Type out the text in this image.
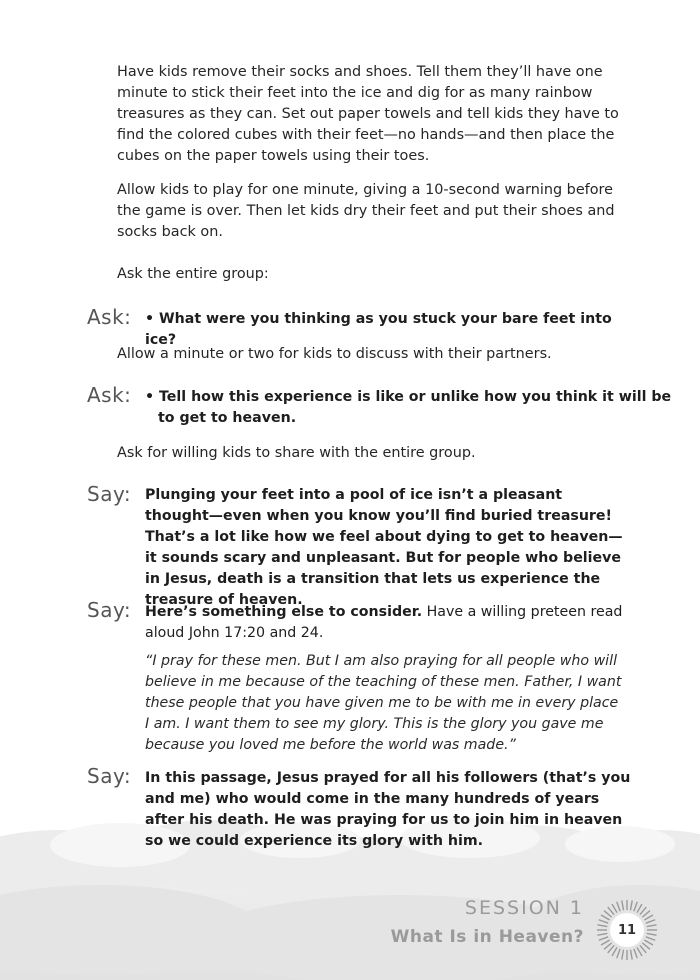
Have kids remove their socks and shoes. Tell them they’ll have one minute to stick their feet into the ice and dig for as many rainbow treasures as they can. Set out paper towels and tell kids they have to find the colored cubes with their feet—no hands—and then place the cubes on the paper towels using their toes.
Allow kids to play for one minute, giving a 10-second warning before the game is over. Then let kids dry their feet and put their shoes and socks back on.
Ask the entire group:
Ask: • What were you thinking as you stuck your bare feet into ice?
Allow a minute or two for kids to discuss with their partners.
Ask: • Tell how this experience is like or unlike how you think it will be
to get to heaven.
Ask for willing kids to share with the entire group.
Say: Plunging your feet into a pool of ice isn’t a pleasant thought—even when you know you’ll find buried treasure! That’s a lot like how we feel about dying to get to heaven—it sounds scary and unpleasant. But for people who believe in Jesus, death is a transition that lets us experience the treasure of heaven.
Say: Here’s something else to consider. Have a willing preteen read aloud John 17:20 and 24.
“I pray for these men. But I am also praying for all people who will believe in me because of the teaching of these men. Father, I want these people that you have given me to be with me in every place I am. I want them to see my glory. This is the glory you gave me because you loved me before the world was made.”
Say: In this passage, Jesus prayed for all his followers (that’s you and me) who would come in the many hundreds of years after his death. He was praying for us to join him in heaven so we could experience its glory with him.
SESSION 1
What Is in Heaven?	11
